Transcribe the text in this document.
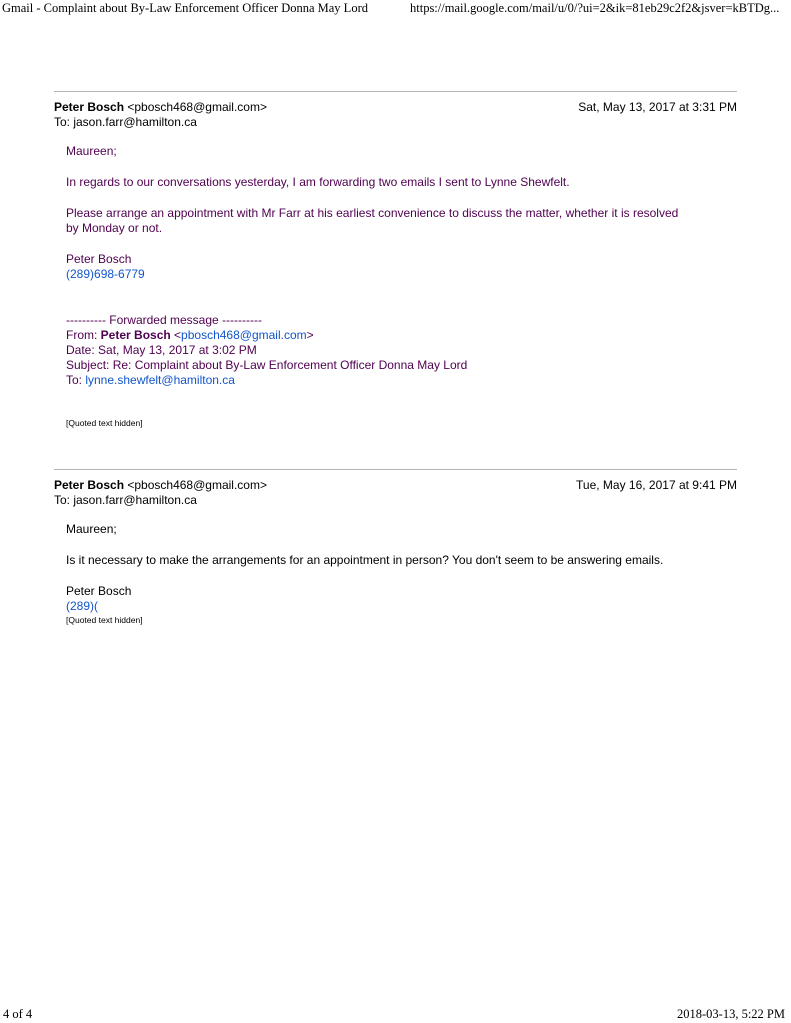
Gmail - Complaint about By-Law Enforcement Officer Donna May Lord	https://mail.google.com/mail/u/0/?ui=2&ik=81eb29c2f2&jsver=kBTDg...
Peter Bosch <pbosch468@gmail.com>	Sat, May 13, 2017 at 3:31 PM
To: jason.farr@hamilton.ca

Maureen;

In regards to our conversations yesterday, I am forwarding two emails I sent to Lynne Shewfelt.

Please arrange an appointment with Mr Farr at his earliest convenience to discuss the matter, whether it is resolved
by Monday or not.

Peter Bosch

(289)698-6779

---------- Forwarded message ----------

From: Peter Bosch <pbosch468@gmail.com>

Date: Sat, May 13, 2017 at 3:02 PM

Subject: Re: Complaint about By-Law Enforcement Officer Donna May Lord

To: lynne.shewfelt@hamilton.ca

[Quoted text hidden]

Peter Bosch <pbosch468@gmail.com>	Tue, May 16, 2017 at 9:41 PM
To: jason.farr@hamilton.ca

Maureen;

Is it necessary to make the arrangements for an appointment in person? You don't seem to be answering emails.

Peter Bosch

(289)(

[Quoted text hidden]

4 of 4	2018-03-13, 5:22 PM
